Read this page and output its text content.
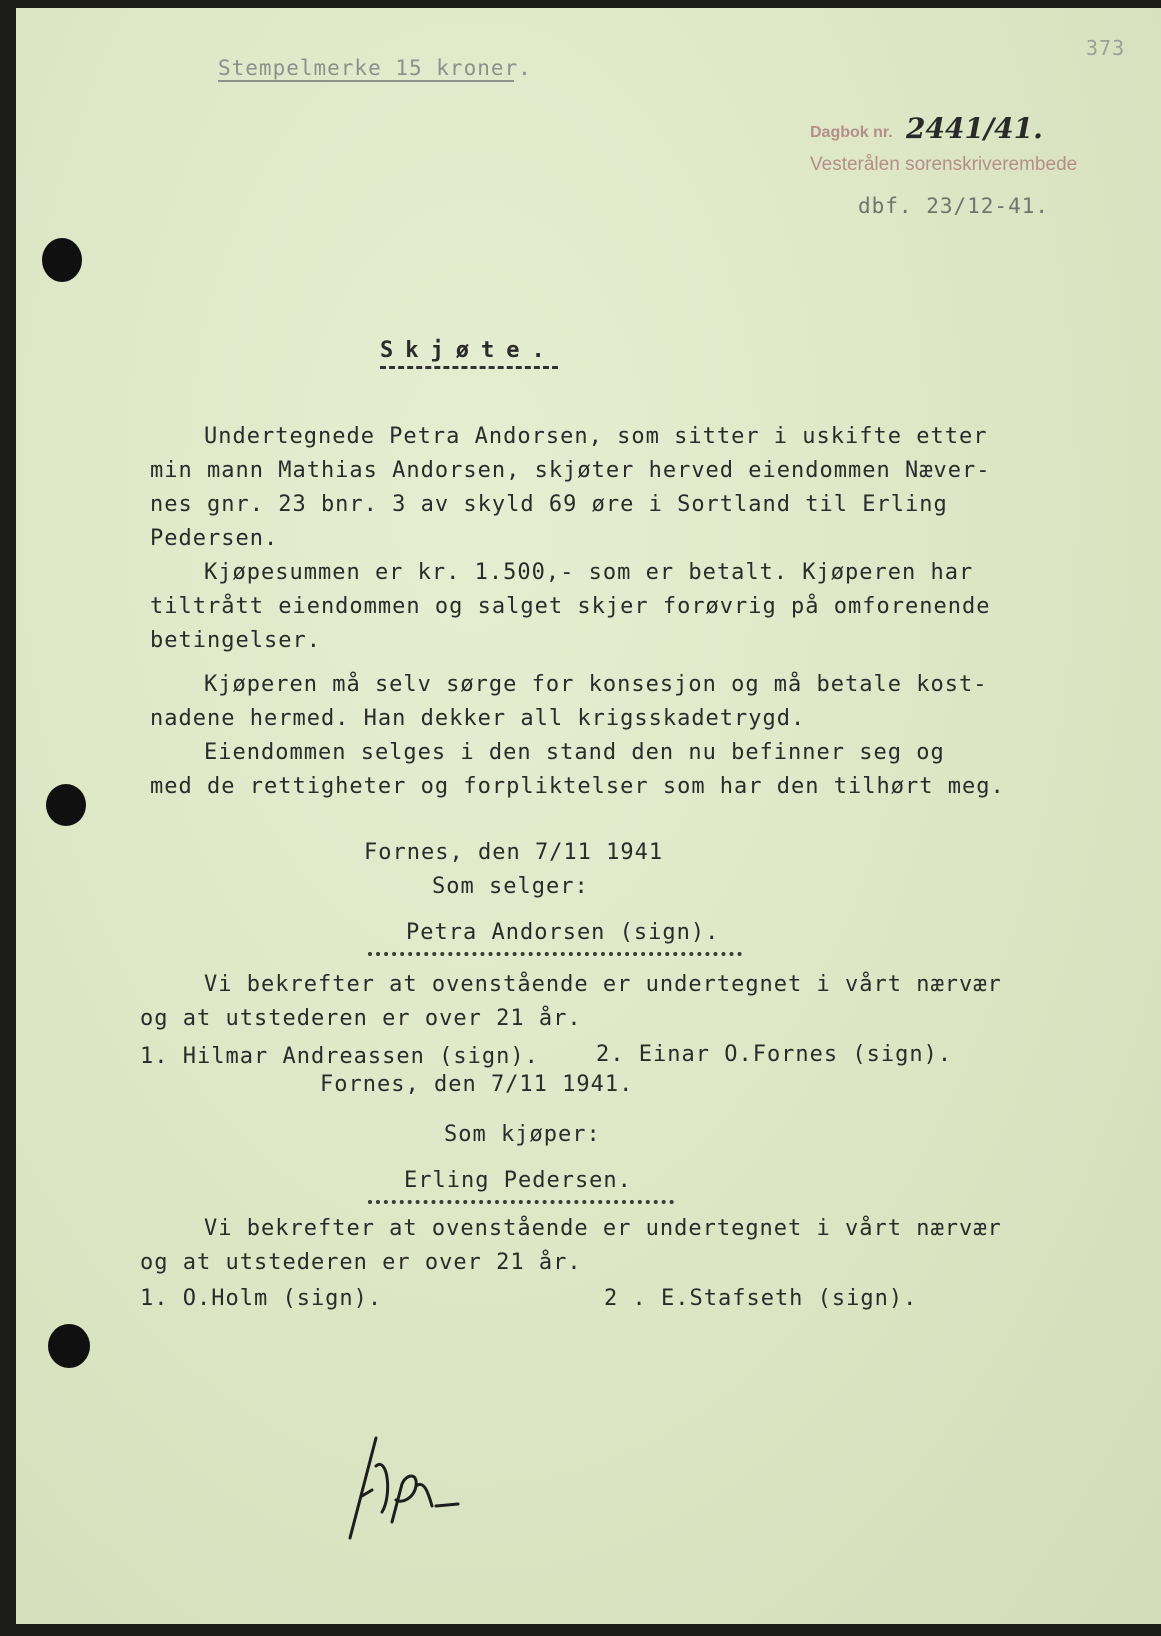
Stempelmerke 15 kroner.
373
Dagbok nr. 2441/41.
Vesterålen sorenskriverembede
dbf. 23/12-41.
Skjøte.
Undertegnede Petra Andorsen, som sitter i uskifte etter
min mann Mathias Andorsen, skjøter herved eiendommen Næver-
nes gnr. 23 bnr. 3 av skyld 69 øre i Sortland til Erling
Pedersen.
Kjøpesummen er kr. 1.500,- som er betalt. Kjøperen har
tiltrått eiendommen og salget skjer forøvrig på omforenende
betingelser.
Kjøperen må selv sørge for konsesjon og må betale kost-
nadene hermed. Han dekker all krigsskadetrygd.
Eiendommen selges i den stand den nu befinner seg og
med de rettigheter og forpliktelser som har den tilhørt meg.
Fornes, den 7/11 1941
Som selger:
Petra Andorsen (sign).
Vi bekrefter at ovenstående er undertegnet i vårt nærvær
og at utstederen er over 21 år.
1. Hilmar Andreassen (sign).	2. Einar O.Fornes (sign).
Fornes, den 7/11 1941.
Som kjøper:
Erling Pedersen.
Vi bekrefter at ovenstående er undertegnet i vårt nærvær
og at utstederen er over 21 år.
1. O.Holm (sign).	2 . E.Stafseth (sign).
